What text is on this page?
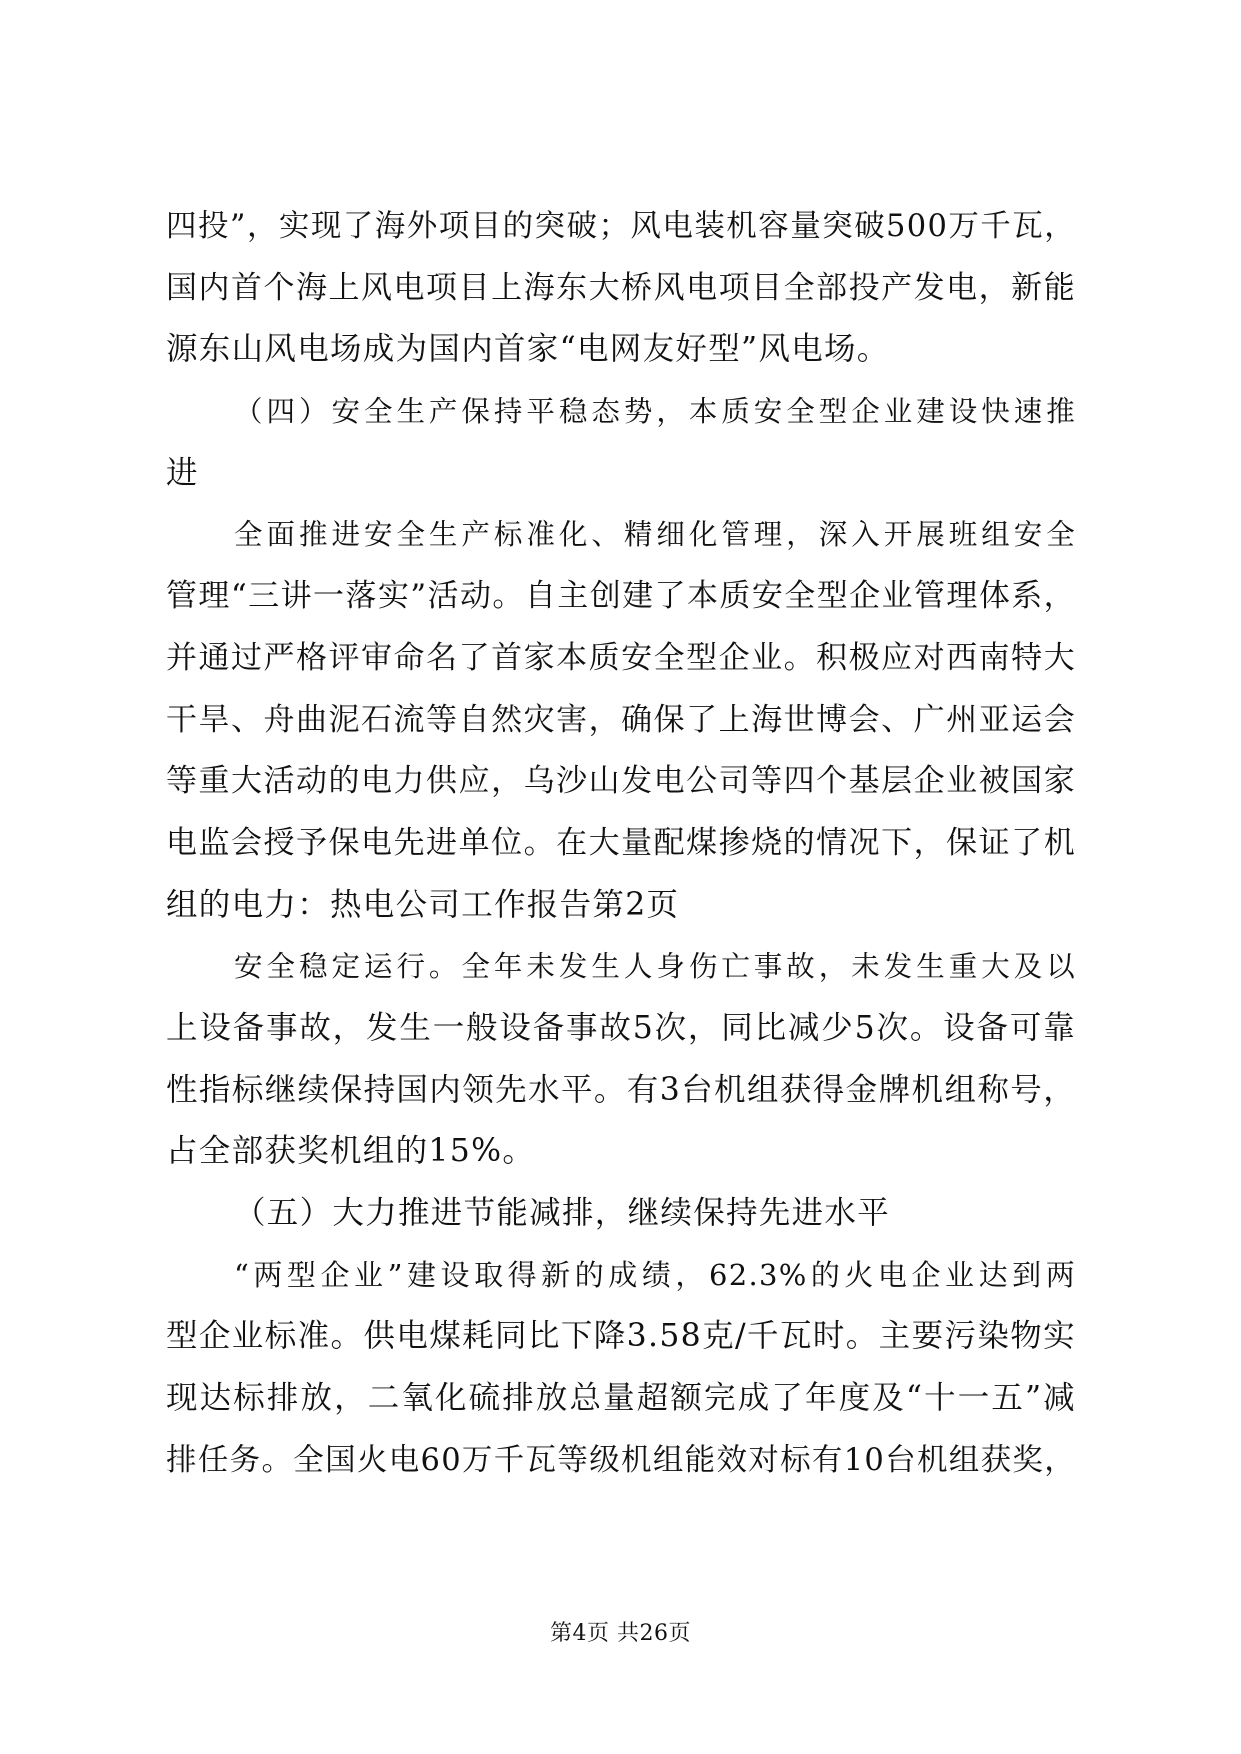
四投”，实现了海外项目的突破；风电装机容量突破500万千瓦，
国内首个海上风电项目上海东大桥风电项目全部投产发电，新能
源东山风电场成为国内首家“电网友好型”风电场。
（四）安全生产保持平稳态势，本质安全型企业建设快速推
进
全面推进安全生产标准化、精细化管理，深入开展班组安全
管理“三讲一落实”活动。自主创建了本质安全型企业管理体系，
并通过严格评审命名了首家本质安全型企业。积极应对西南特大
干旱、舟曲泥石流等自然灾害，确保了上海世博会、广州亚运会
等重大活动的电力供应，乌沙山发电公司等四个基层企业被国家
电监会授予保电先进单位。在大量配煤掺烧的情况下，保证了机
组的电力：热电公司工作报告第2页
安全稳定运行。全年未发生人身伤亡事故，未发生重大及以
上设备事故，发生一般设备事故5次，同比减少5次。设备可靠
性指标继续保持国内领先水平。有3台机组获得金牌机组称号，
占全部获奖机组的15%。
（五）大力推进节能减排，继续保持先进水平
“两型企业”建设取得新的成绩，62.3%的火电企业达到两
型企业标准。供电煤耗同比下降3.58克/千瓦时。主要污染物实
现达标排放，二氧化硫排放总量超额完成了年度及“十一五”减
排任务。全国火电60万千瓦等级机组能效对标有10台机组获奖，
第4页 共26页
